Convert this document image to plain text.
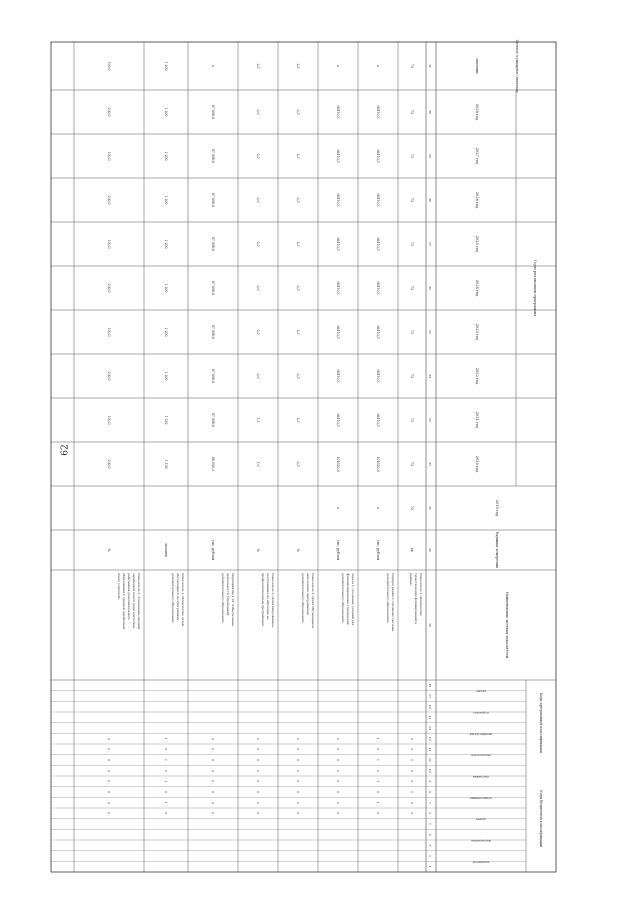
62
Годы реализации программы
2020 год
2021 год
2022 год
2023 год
2024 год
2025 год
2026 год
2027 год
2028 год
2015 год
Единица измерения
Наименование целевых показателей
Целевое (суммарное) значение
значение
Коды программной классификации
Коды бюджетной классификации
раздел
подраздел
целевая статья
вид расходов
программа
подпрограмма
задача
мероприятие
показатель
1
2
3
4
5
6
7
8
9
10
11
12
13
14
15
16
17
18
19
20
21
22
23
24
25
26
27
28
29
30
31
Показатель 1 «Количество
туристических формирований в
районе»
ед.
72
73
73
73
73
73
73
73
73
73
73
0
0
0
0
0
0
0
0
Подпрограмма 2 «Развитие системы
дополнительного образования»
тыс. рублей
х
104520,8
96410,5
96410,5
96410,5
96410,5
96410,5
96410,5
96410,5
96410,5
х
1
0
1
0
1
0
1
0
Задача 1 «Создание условий для
функционирования учреждений
дополнительного образования»
тыс. рублей
х
104520,8
96410,5
96410,5
96410,5
96410,5
96410,5
96410,5
96410,5
96410,5
х
0
0
0
0
0
0
0
0
Показатель 1 «Доля обучающихся,
охваченных программами
дополнительного образования»
%
2,5
2,5
2,5
2,5
2,5
2,5
2,5
2,5
2,5
2,5
0
0
0
0
0
0
0
0
Показатель 2 «Доля выпускников,
поступивших на обучение по
профессиональным программам»
%
1,0
1,5
2,0
2,0
2,0
2,0
2,0
2,0
2,0
2,0
0
0
0
0
0
0
0
0
Мероприятие 1.01 «Обеспечение
деятельности учреждений
дополнительного образования»
тыс. рублей
88 090,3
87 896,8
87 896,8
87 896,8
87 896,8
87 896,8
87 896,8
87 896,8
87 896,8
х
0
0
0
0
0
0
0
0
Показатель 1 «Количество детей,
обучающихся по программам
дополнительного образования»
человек
1 156
1 182
1 200
1 200
1 200
1 200
1 200
1 200
1 200
1 200
1
0
1
0
1
0
1
0
Показатель 2 «Отношение средней
заработной платы педагогических
работников дополнительного
образования к средней заработной
плате учителей»
%
100,0
100,0
100,0
100,0
100,0
100,0
100,0
100,0
100,0
100,0
0
0
0
0
0
0
0
0
